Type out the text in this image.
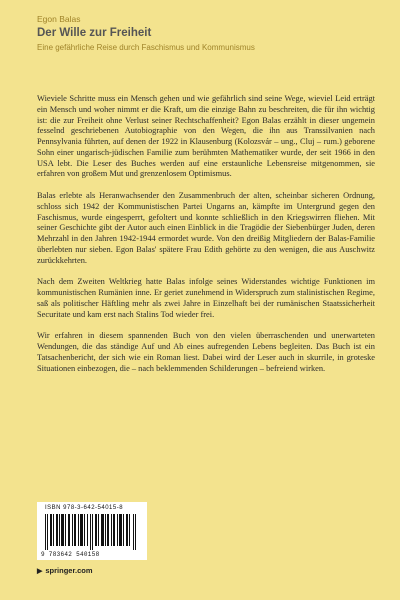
Egon Balas

Der Wille zur Freiheit

Eine gefährliche Reise durch Faschismus und Kommunismus

Wieviele Schritte muss ein Mensch gehen und wie gefährlich sind seine Wege, wieviel Leid erträgt ein Mensch und woher nimmt er die Kraft, um die einzige Bahn zu beschreiten, die für ihn wichtig ist: die zur Freiheit ohne Verlust seiner Rechtschaffenheit? Egon Balas erzählt in dieser ungemein fesselnd geschriebenen Autobiographie von den Wegen, die ihn aus Transsilvanien nach Pennsylvania führten, auf denen der 1922 in Klausenburg (Kolozsvár – ung., Cluj – rum.) geborene Sohn einer ungarisch-jüdischen Familie zum berühmten Mathematiker wurde, der seit 1966 in den USA lebt. Die Leser des Buches werden auf eine erstaunliche Lebensreise mitgenommen, sie erfahren von großem Mut und grenzenlosem Optimismus.

Balas erlebte als Heranwachsender den Zusammenbruch der alten, scheinbar sicheren Ordnung, schloss sich 1942 der Kommunistischen Partei Ungarns an, kämpfte im Untergrund gegen den Faschismus, wurde eingesperrt, gefoltert und konnte schließlich in den Kriegswirren fliehen. Mit seiner Geschichte gibt der Autor auch einen Einblick in die Tragödie der Siebenbürger Juden, deren Mehrzahl in den Jahren 1942-1944 ermordet wurde. Von den dreißig Mitgliedern der Balas-Familie überlebten nur sieben. Egon Balas' spätere Frau Edith gehörte zu den wenigen, die aus Auschwitz zurückkehrten.

Nach dem Zweiten Weltkrieg hatte Balas infolge seines Widerstandes wichtige Funktionen im kommunistischen Rumänien inne. Er geriet zunehmend in Widerspruch zum stalinistischen Regime, saß als politischer Häftling mehr als zwei Jahre in Einzelhaft bei der rumänischen Staatssicherheit Securitate und kam erst nach Stalins Tod wieder frei.

Wir erfahren in diesem spannenden Buch von den vielen überraschenden und unerwarteten Wendungen, die das ständige Auf und Ab eines aufregenden Lebens begleiten. Das Buch ist ein Tatsachenbericht, der sich wie ein Roman liest. Dabei wird der Leser auch in skurrile, in groteske Situationen einbezogen, die – nach beklemmenden Schilderungen – befreiend wirken.

ISBN 978-3-642-54015-8
9 783642 540158
▶ springer.com
